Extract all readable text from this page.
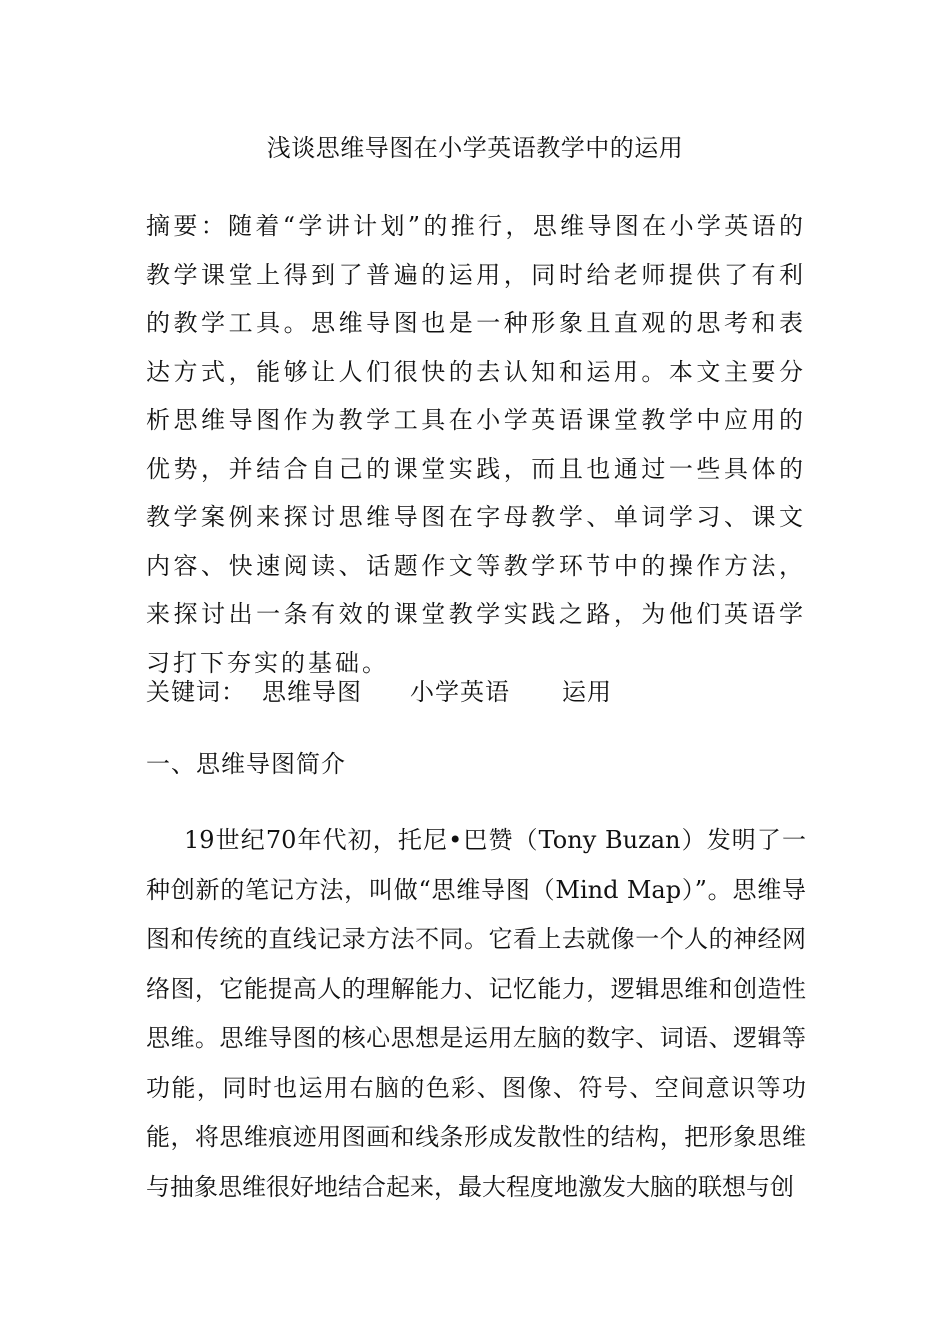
浅谈思维导图在小学英语教学中的运用
摘要：随着“学讲计划”的推行，思维导图在小学英语的教学课堂上得到了普遍的运用，同时给老师提供了有利的教学工具。思维导图也是一种形象且直观的思考和表达方式，能够让人们很快的去认知和运用。本文主要分析思维导图作为教学工具在小学英语课堂教学中应用的优势，并结合自己的课堂实践，而且也通过一些具体的教学案例来探讨思维导图在字母教学、单词学习、课文内容、快速阅读、话题作文等教学环节中的操作方法，来探讨出一条有效的课堂教学实践之路，为他们英语学习打下夯实的基础。
关键词： 思维导图 小学英语 运用
一、思维导图简介
19世纪70年代初，托尼•巴赞（Tony Buzan）发明了一种创新的笔记方法，叫做“思维导图（Mind Map）”。思维导图和传统的直线记录方法不同。它看上去就像一个人的神经网络图，它能提高人的理解能力、记忆能力，逻辑思维和创造性思维。思维导图的核心思想是运用左脑的数字、词语、逻辑等功能，同时也运用右脑的色彩、图像、符号、空间意识等功能，将思维痕迹用图画和线条形成发散性的结构，把形象思维与抽象思维很好地结合起来，最大程度地激发大脑的联想与创
